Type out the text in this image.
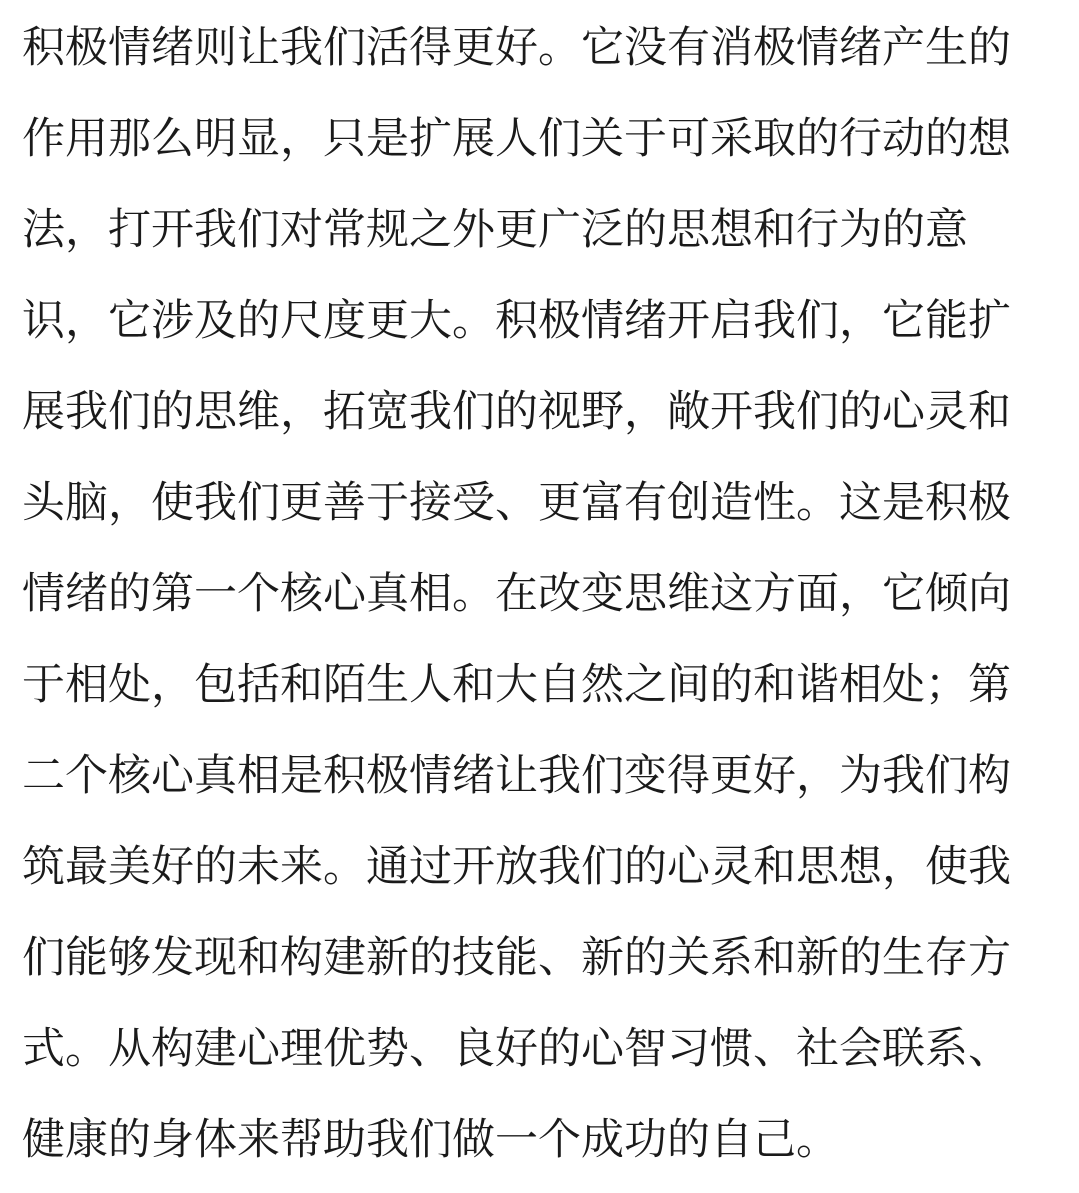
积极情绪则让我们活得更好。它没有消极情绪产生的
作用那么明显，只是扩展人们关于可采取的行动的想
法，打开我们对常规之外更广泛的思想和行为的意
识，它涉及的尺度更大。积极情绪开启我们，它能扩
展我们的思维，拓宽我们的视野，敞开我们的心灵和
头脑，使我们更善于接受、更富有创造性。这是积极
情绪的第一个核心真相。在改变思维这方面，它倾向
于相处，包括和陌生人和大自然之间的和谐相处；第
二个核心真相是积极情绪让我们变得更好，为我们构
筑最美好的未来。通过开放我们的心灵和思想，使我
们能够发现和构建新的技能、新的关系和新的生存方
式。从构建心理优势、良好的心智习惯、社会联系、
健康的身体来帮助我们做一个成功的自己。
